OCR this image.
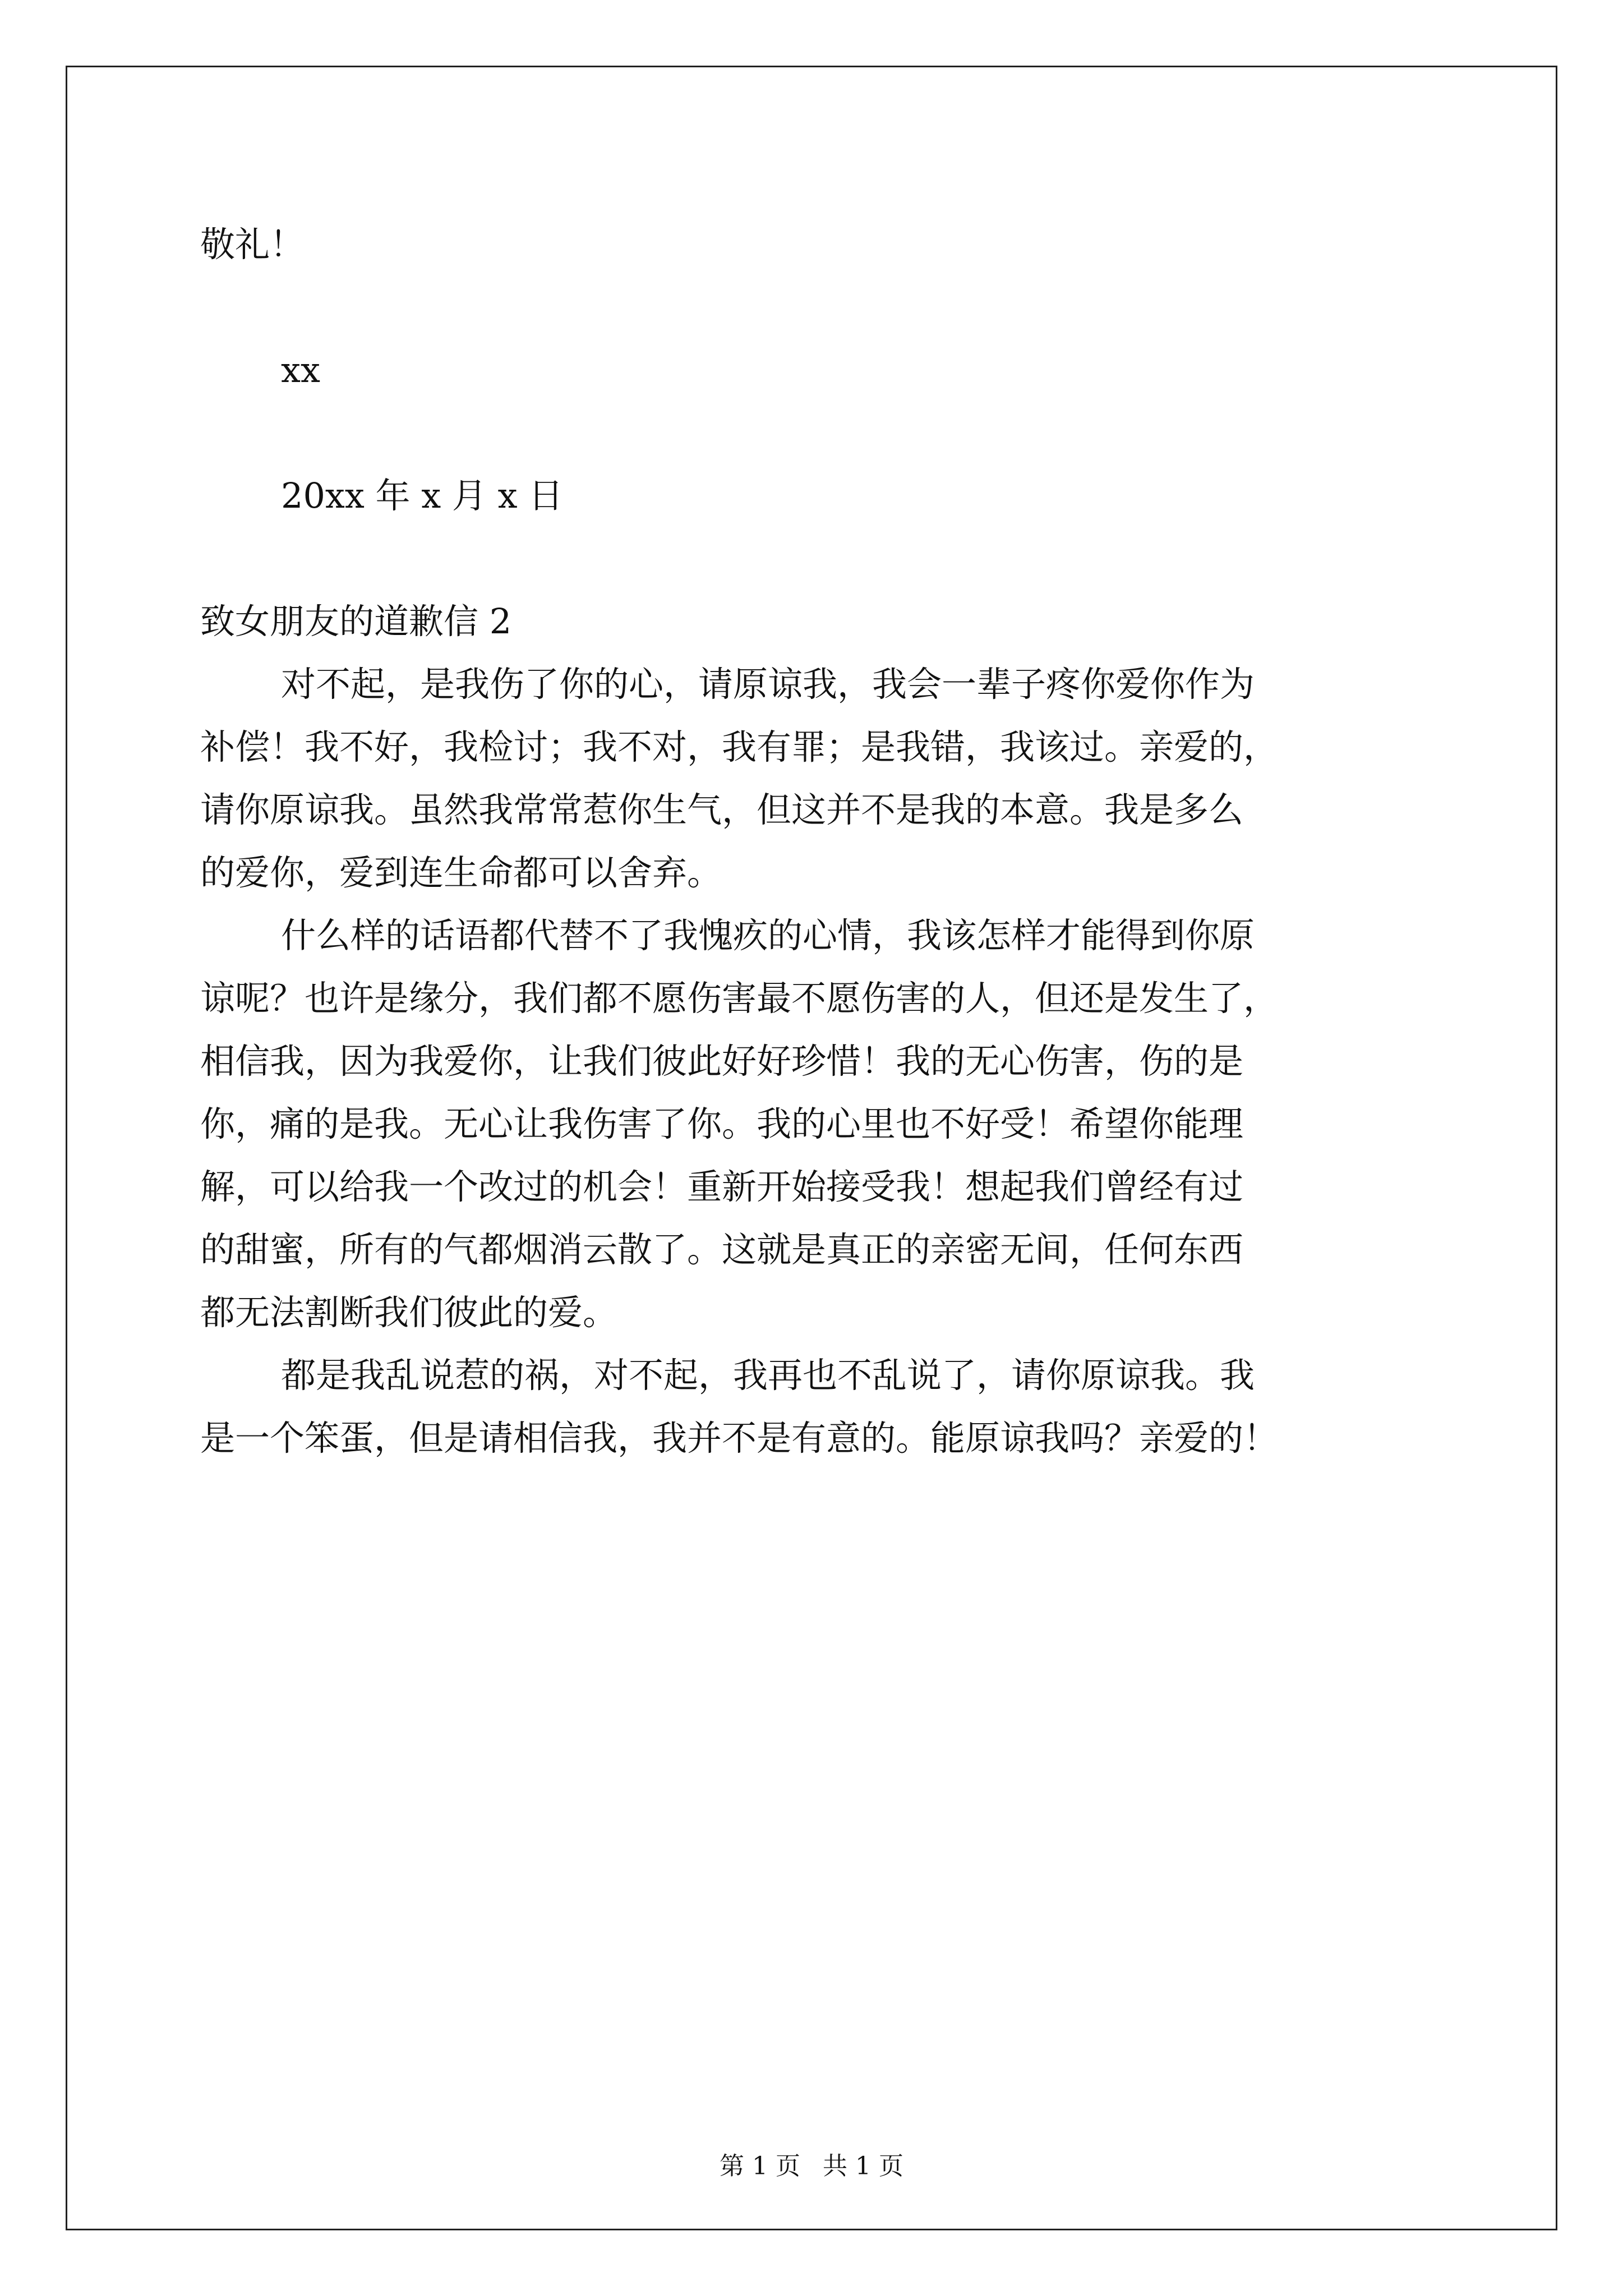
敬礼！

xx

20xx 年 x 月 x 日

致女朋友的道歉信 2

对不起，是我伤了你的心，请原谅我，我会一辈子疼你爱你作为

补偿！我不好，我检讨；我不对，我有罪；是我错，我该过。亲爱的，

请你原谅我。虽然我常常惹你生气，但这并不是我的本意。我是多么

的爱你，爱到连生命都可以舍弃。

什么样的话语都代替不了我愧疚的心情，我该怎样才能得到你原

谅呢？也许是缘分，我们都不愿伤害最不愿伤害的人，但还是发生了，

相信我，因为我爱你，让我们彼此好好珍惜！我的无心伤害，伤的是

你，痛的是我。无心让我伤害了你。我的心里也不好受！希望你能理

解，可以给我一个改过的机会！重新开始接受我！想起我们曾经有过

的甜蜜，所有的气都烟消云散了。这就是真正的亲密无间，任何东西

都无法割断我们彼此的爱。

都是我乱说惹的祸，对不起，我再也不乱说了，请你原谅我。我

是一个笨蛋，但是请相信我，我并不是有意的。能原谅我吗？亲爱的！

第 1 页 共 1 页
